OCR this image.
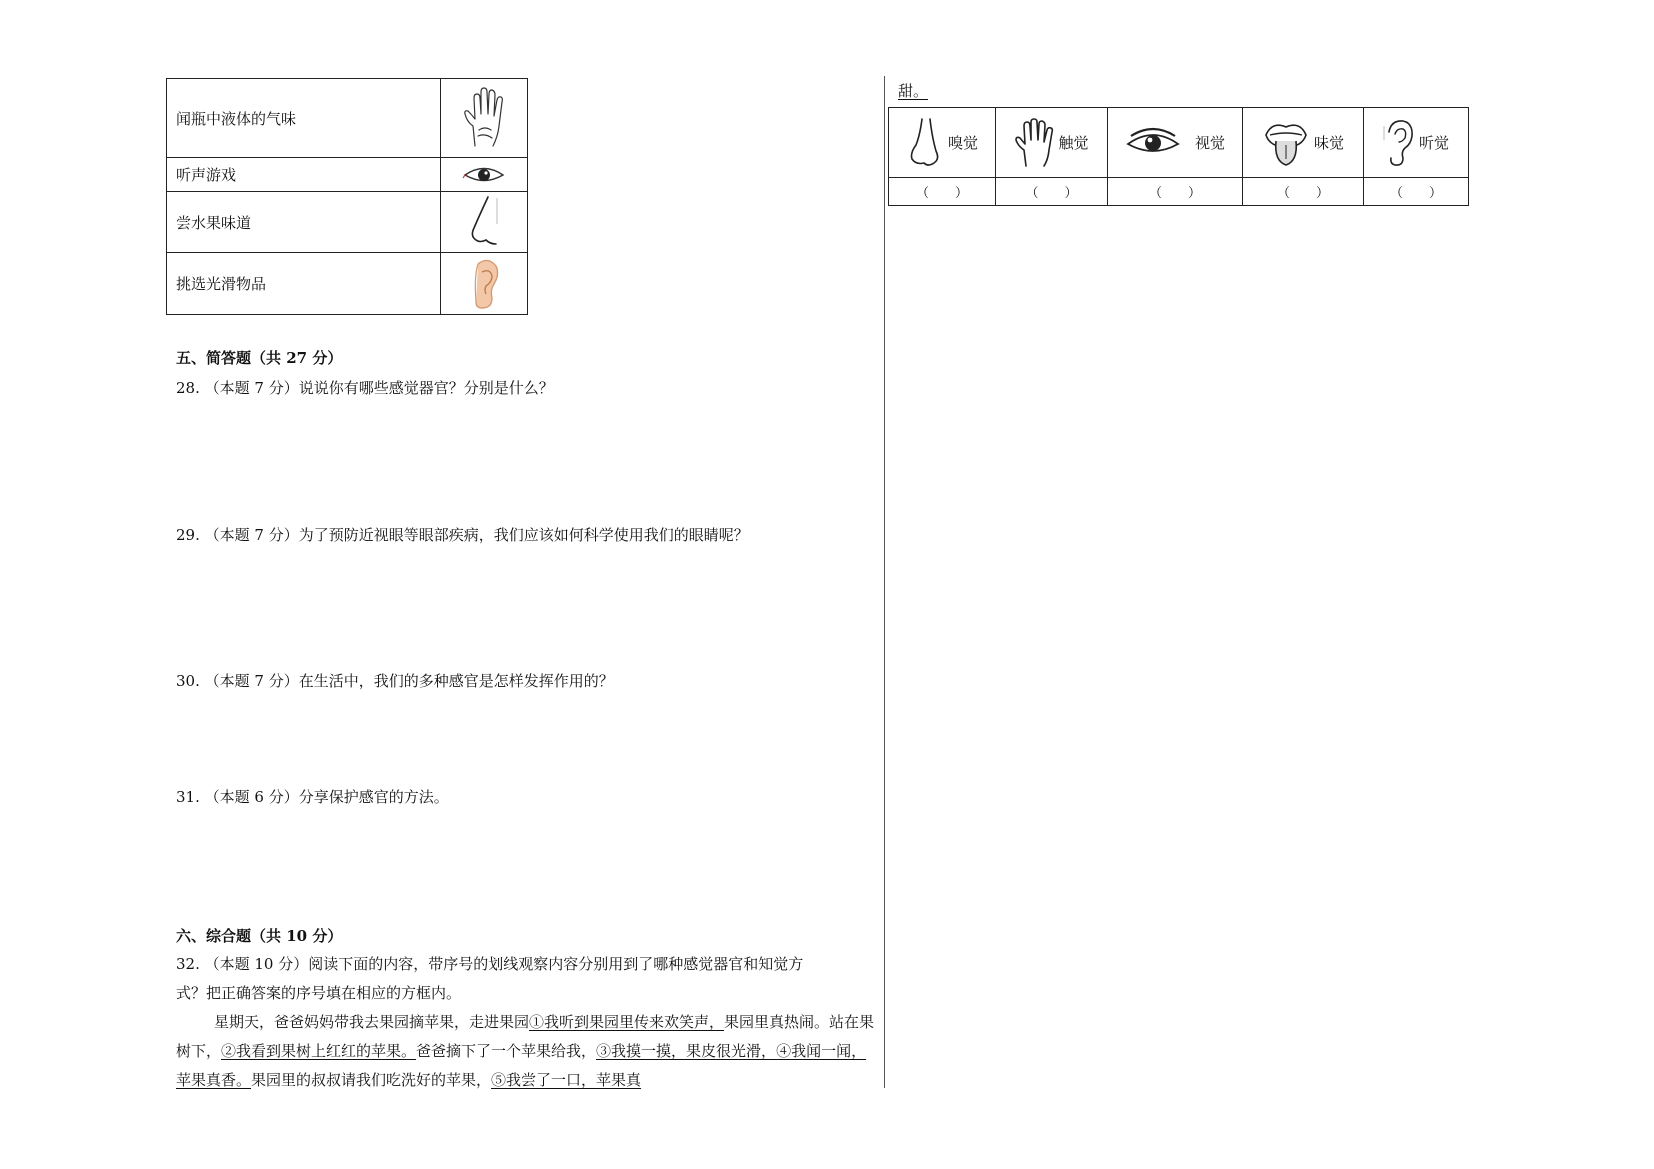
闻瓶中液体的气味	

听声游戏	

尝水果味道	

挑选光滑物品	
五、简答题（共 27 分）
28. （本题 7 分）说说你有哪些感觉器官？分别是什么？
29. （本题 7 分）为了预防近视眼等眼部疾病，我们应该如何科学使用我们的眼睛呢？
30. （本题 7 分）在生活中，我们的多种感官是怎样发挥作用的？
31. （本题 6 分）分享保护感官的方法。
六、综合题（共 10 分）

32. （本题 10 分）阅读下面的内容，带序号的划线观察内容分别用到了哪种感觉器官和知觉方

式？把正确答案的序号填在相应的方框内。

星期天，爸爸妈妈带我去果园摘苹果，走进果园①我听到果园里传来欢笑声，果园里真热闹。站在果树下，②我看到果树上红红的苹果。爸爸摘下了一个苹果给我，③我摸一摸，果皮很光滑，④我闻一闻，苹果真香。果园里的叔叔请我们吃洗好的苹果，⑤我尝了一口，苹果真

甜。
嗅觉	触觉	视觉	味觉	听觉

（　　）	（　　）	（　　）	（　　）	（　　）
